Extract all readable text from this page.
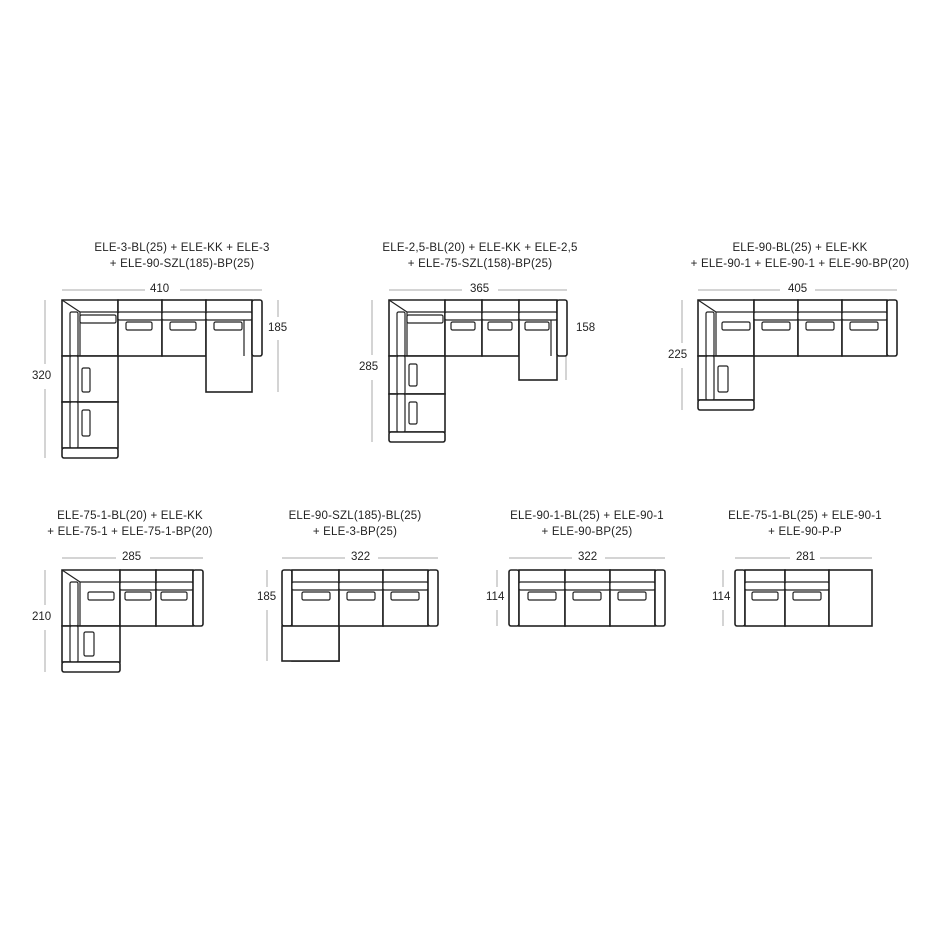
ELE-3-BL(25) + ELE-KK + ELE-3
+ ELE-90-SZL(185)-BP(25)
ELE-2,5-BL(20) + ELE-KK + ELE-2,5
+ ELE-75-SZL(158)-BP(25)
ELE-90-BL(25) + ELE-KK
+ ELE-90-1 + ELE-90-1 + ELE-90-BP(20)
ELE-75-1-BL(20) + ELE-KK
+ ELE-75-1 + ELE-75-1-BP(20)
ELE-90-SZL(185)-BL(25)
+ ELE-3-BP(25)
ELE-90-1-BL(25) + ELE-90-1
+ ELE-90-BP(25)
ELE-75-1-BL(25) + ELE-90-1
+ ELE-90-P-P
410
320
185
365
285
158
405
225
285
210
322
185
322
114
281
114
